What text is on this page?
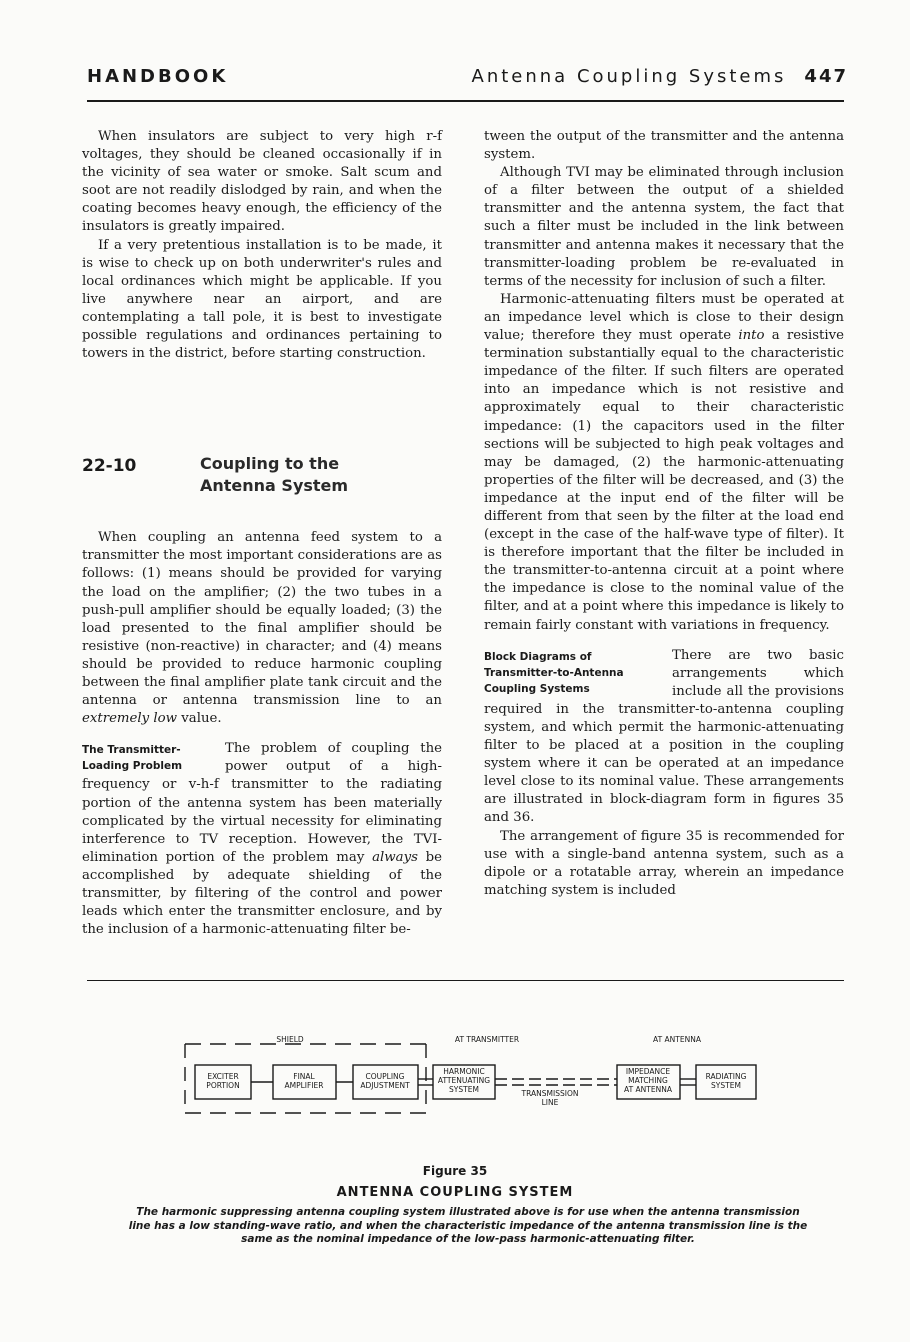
HANDBOOK	Antenna Coupling Systems 447

When insulators are subject to very high r-f voltages, they should be cleaned occasionally if in the vicinity of sea water or smoke. Salt scum and soot are not readily dislodged by rain, and when the coating becomes heavy enough, the efficiency of the insulators is greatly impaired.

If a very pretentious installation is to be made, it is wise to check up on both underwriter's rules and local ordinances which might be applicable. If you live anywhere near an airport, and are contemplating a tall pole, it is best to investigate possible regulations and ordinances pertaining to towers in the district, before starting construction.

22-10	Coupling to the
Antenna System

When coupling an antenna feed system to a transmitter the most important considerations are as follows: (1) means should be provided for varying the load on the amplifier; (2) the two tubes in a push-pull amplifier should be equally loaded; (3) the load presented to the final amplifier should be resistive (non-reactive) in character; and (4) means should be provided to reduce harmonic coupling between the final amplifier plate tank circuit and the antenna or antenna transmission line to an extremely low value.

The Transmitter-
Loading Problem
The problem of coupling the power output of a high-frequency or v-h-f transmitter to the radiating portion of the antenna system has been materially complicated by the virtual necessity for eliminating interference to TV reception. However, the TVI-elimination portion of the problem may always be accomplished by adequate shielding of the transmitter, by filtering of the control and power leads which enter the transmitter enclosure, and by the inclusion of a harmonic-attenuating filter be-

tween the output of the transmitter and the antenna system.

Although TVI may be eliminated through inclusion of a filter between the output of a shielded transmitter and the antenna system, the fact that such a filter must be included in the link between transmitter and antenna makes it necessary that the transmitter-loading problem be re-evaluated in terms of the necessity for inclusion of such a filter.

Harmonic-attenuating filters must be operated at an impedance level which is close to their design value; therefore they must operate into a resistive termination substantially equal to the characteristic impedance of the filter. If such filters are operated into an impedance which is not resistive and approximately equal to their characteristic impedance: (1) the capacitors used in the filter sections will be subjected to high peak voltages and may be damaged, (2) the harmonic-attenuating properties of the filter will be decreased, and (3) the impedance at the input end of the filter will be different from that seen by the filter at the load end (except in the case of the half-wave type of filter). It is therefore important that the filter be included in the transmitter-to-antenna circuit at a point where the impedance is close to the nominal value of the filter, and at a point where this impedance is likely to remain fairly constant with variations in frequency.

Block Diagrams of
Transmitter-to-Antenna
Coupling Systems
There are two basic arrangements which include all the provisions required in the transmitter-to-antenna coupling system, and which permit the harmonic-attenuating filter to be placed at a position in the coupling system where it can be operated at an impedance level close to its nominal value. These arrangements are illustrated in block-diagram form in figures 35 and 36.

The arrangement of figure 35 is recommended for use with a single-band antenna system, such as a dipole or a rotatable array, wherein an impedance matching system is included

SHIELD	AT TRANSMITTER	AT ANTENNA
EXCITER
PORTION
FINAL
AMPLIFIER
COUPLING
ADJUSTMENT
HARMONIC
ATTENUATING
SYSTEM	TRANSMISSION
LINE
IMPEDANCE
MATCHING
AT ANTENNA
RADIATING
SYSTEM
Figure 35
ANTENNA COUPLING SYSTEM
The harmonic suppressing antenna coupling system illustrated above is for use when the antenna transmission line has a low standing-wave ratio, and when the characteristic impedance of the antenna transmission line is the same as the nominal impedance of the low-pass harmonic-attenuating filter.
